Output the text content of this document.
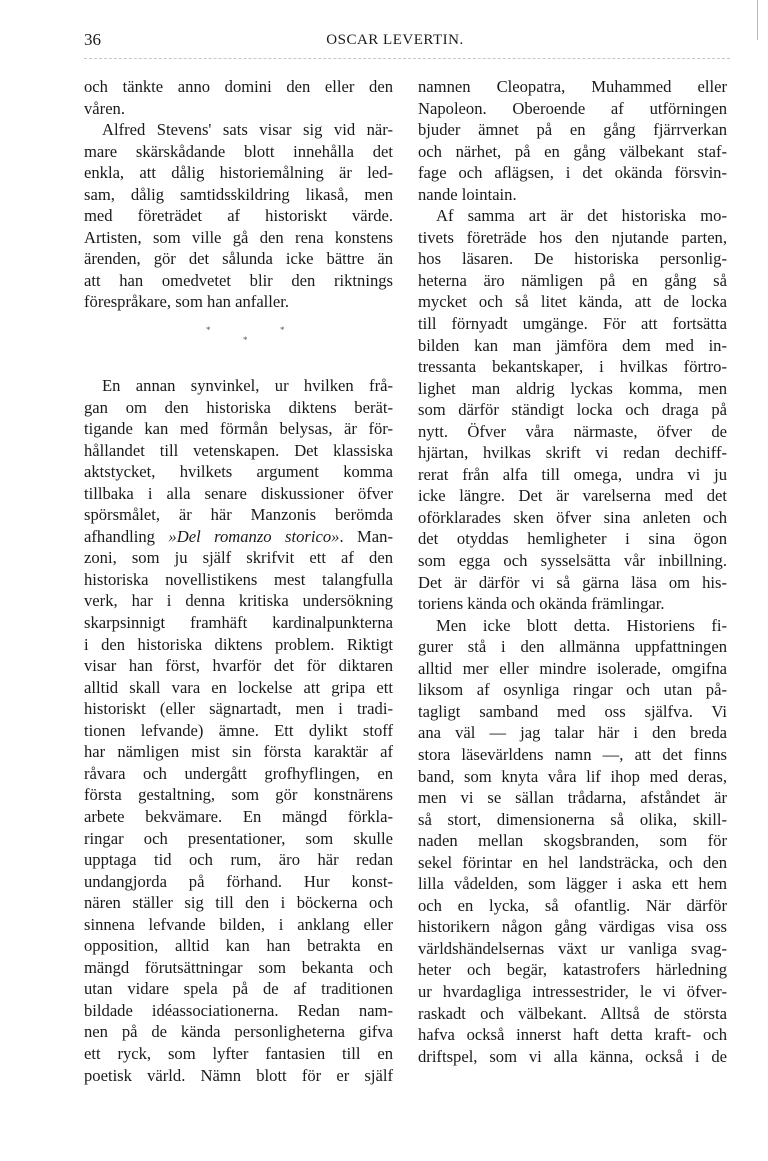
36	OSCAR LEVERTIN.
och tänkte anno domini den eller den
våren.
Alfred Stevens' sats visar sig vid när-
mare skärskådande blott innehålla det
enkla, att dålig historiemålning är led-
sam, dålig samtidsskildring likaså, men
med företrädet af historiskt värde.
Artisten, som ville gå den rena konstens
ärenden, gör det sålunda icke bättre än
att han omedvetet blir den riktnings
förespråkare, som han anfaller.
*	*
*
En annan synvinkel, ur hvilken frå-
gan om den historiska diktens berät-
tigande kan med förmån belysas, är för-
hållandet till vetenskapen. Det klassiska
aktstycket, hvilkets argument komma
tillbaka i alla senare diskussioner öfver
spörsmålet, är här Manzonis berömda
afhandling »Del romanzo storico». Man-
zoni, som ju själf skrifvit ett af den
historiska novellistikens mest talangfulla
verk, har i denna kritiska undersökning
skarpsinnigt framhäft kardinalpunkterna
i den historiska diktens problem. Riktigt
visar han först, hvarför det för diktaren
alltid skall vara en lockelse att gripa ett
historiskt (eller sägnartadt, men i tradi-
tionen lefvande) ämne. Ett dylikt stoff
har nämligen mist sin första karaktär af
råvara och undergått grofhyflingen, en
första gestaltning, som gör konstnärens
arbete bekvämare. En mängd förkla-
ringar och presentationer, som skulle
upptaga tid och rum, äro här redan
undangjorda på förhand. Hur konst-
nären ställer sig till den i böckerna och
sinnena lefvande bilden, i anklang eller
opposition, alltid kan han betrakta en
mängd förutsättningar som bekanta och
utan vidare spela på de af traditionen
bildade idéassociationerna. Redan nam-
nen på de kända personligheterna gifva
ett ryck, som lyfter fantasien till en
poetisk värld. Nämn blott för er själf
namnen Cleopatra, Muhammed eller
Napoleon. Oberoende af utförningen
bjuder ämnet på en gång fjärrverkan
och närhet, på en gång välbekant staf-
fage och aflägsen, i det okända försvin-
nande lointain.
Af samma art är det historiska mo-
tivets företräde hos den njutande parten,
hos läsaren. De historiska personlig-
heterna äro nämligen på en gång så
mycket och så litet kända, att de locka
till förnyadt umgänge. För att fortsätta
bilden kan man jämföra dem med in-
tressanta bekantskaper, i hvilkas förtro-
lighet man aldrig lyckas komma, men
som därför ständigt locka och draga på
nytt. Öfver våra närmaste, öfver de
hjärtan, hvilkas skrift vi redan dechiff-
rerat från alfa till omega, undra vi ju
icke längre. Det är varelserna med det
oförklarades sken öfver sina anleten och
det otyddas hemligheter i sina ögon
som egga och sysselsätta vår inbillning.
Det är därför vi så gärna läsa om his-
toriens kända och okända främlingar.
Men icke blott detta. Historiens fi-
gurer stå i den allmänna uppfattningen
alltid mer eller mindre isolerade, omgifna
liksom af osynliga ringar och utan på-
tagligt samband med oss själfva. Vi
ana väl — jag talar här i den breda
stora läsevärldens namn —, att det finns
band, som knyta våra lif ihop med deras,
men vi se sällan trådarna, afståndet är
så stort, dimensionerna så olika, skill-
naden mellan skogsbranden, som för
sekel förintar en hel landsträcka, och den
lilla vådelden, som lägger i aska ett hem
och en lycka, så ofantlig. När därför
historikern någon gång värdigas visa oss
världshändelsernas växt ur vanliga svag-
heter och begär, katastrofers härledning
ur hvardagliga intressestrider, le vi öfver-
raskadt och välbekant. Alltså de största
hafva också innerst haft detta kraft- och
driftspel, som vi alla känna, också i de
